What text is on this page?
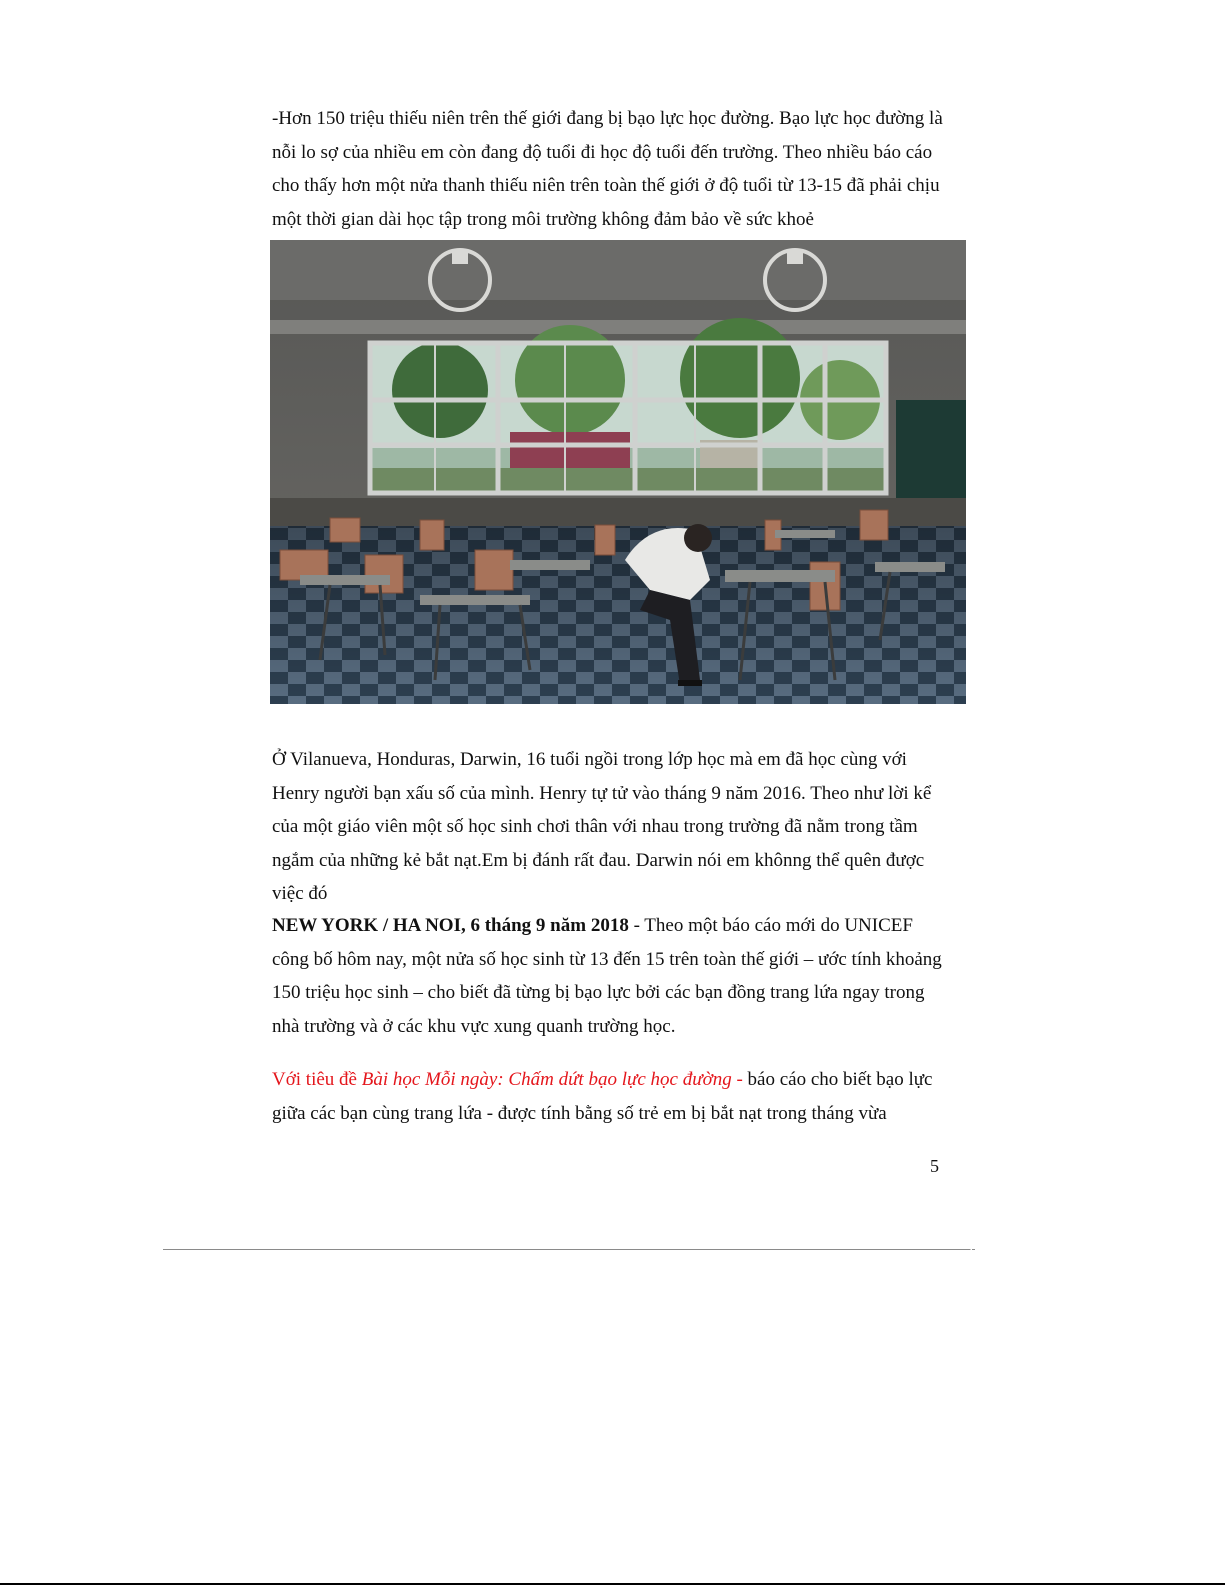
-Hơn 150 triệu thiếu niên trên thế giới đang bị bạo lực học đường. Bạo lực học đường là nỗi lo sợ của nhiều em còn đang độ tuổi đi học độ tuổi đến trường. Theo nhiều báo cáo cho thấy hơn một nửa thanh thiếu niên trên toàn thế giới ở độ tuổi từ 13-15 đã phải chịu một thời gian dài học tập trong môi trường không đảm bảo về sức khoẻ

Ở Vilanueva, Honduras, Darwin, 16 tuổi ngồi trong lớp học mà em đã học cùng với Henry người bạn xấu số của mình. Henry tự tử vào tháng 9 năm 2016. Theo như lời kể của một giáo viên một số học sinh chơi thân với nhau trong trường đã nằm trong tầm ngắm của những kẻ bắt nạt.Em bị đánh rất đau. Darwin nói em khônng thể quên được việc đó

NEW YORK / HA NOI, 6 tháng 9 năm 2018 - Theo một báo cáo mới do UNICEF công bố hôm nay, một nửa số học sinh từ 13 đến 15 trên toàn thế giới – ước tính khoảng 150 triệu học sinh – cho biết đã từng bị bạo lực bởi các bạn đồng trang lứa ngay trong nhà trường và ở các khu vực xung quanh trường học.

Với tiêu đề Bài học Mỗi ngày: Chấm dứt bạo lực học đường - báo cáo cho biết bạo lực giữa các bạn cùng trang lứa - được tính bằng số trẻ em bị bắt nạt trong tháng vừa

5
